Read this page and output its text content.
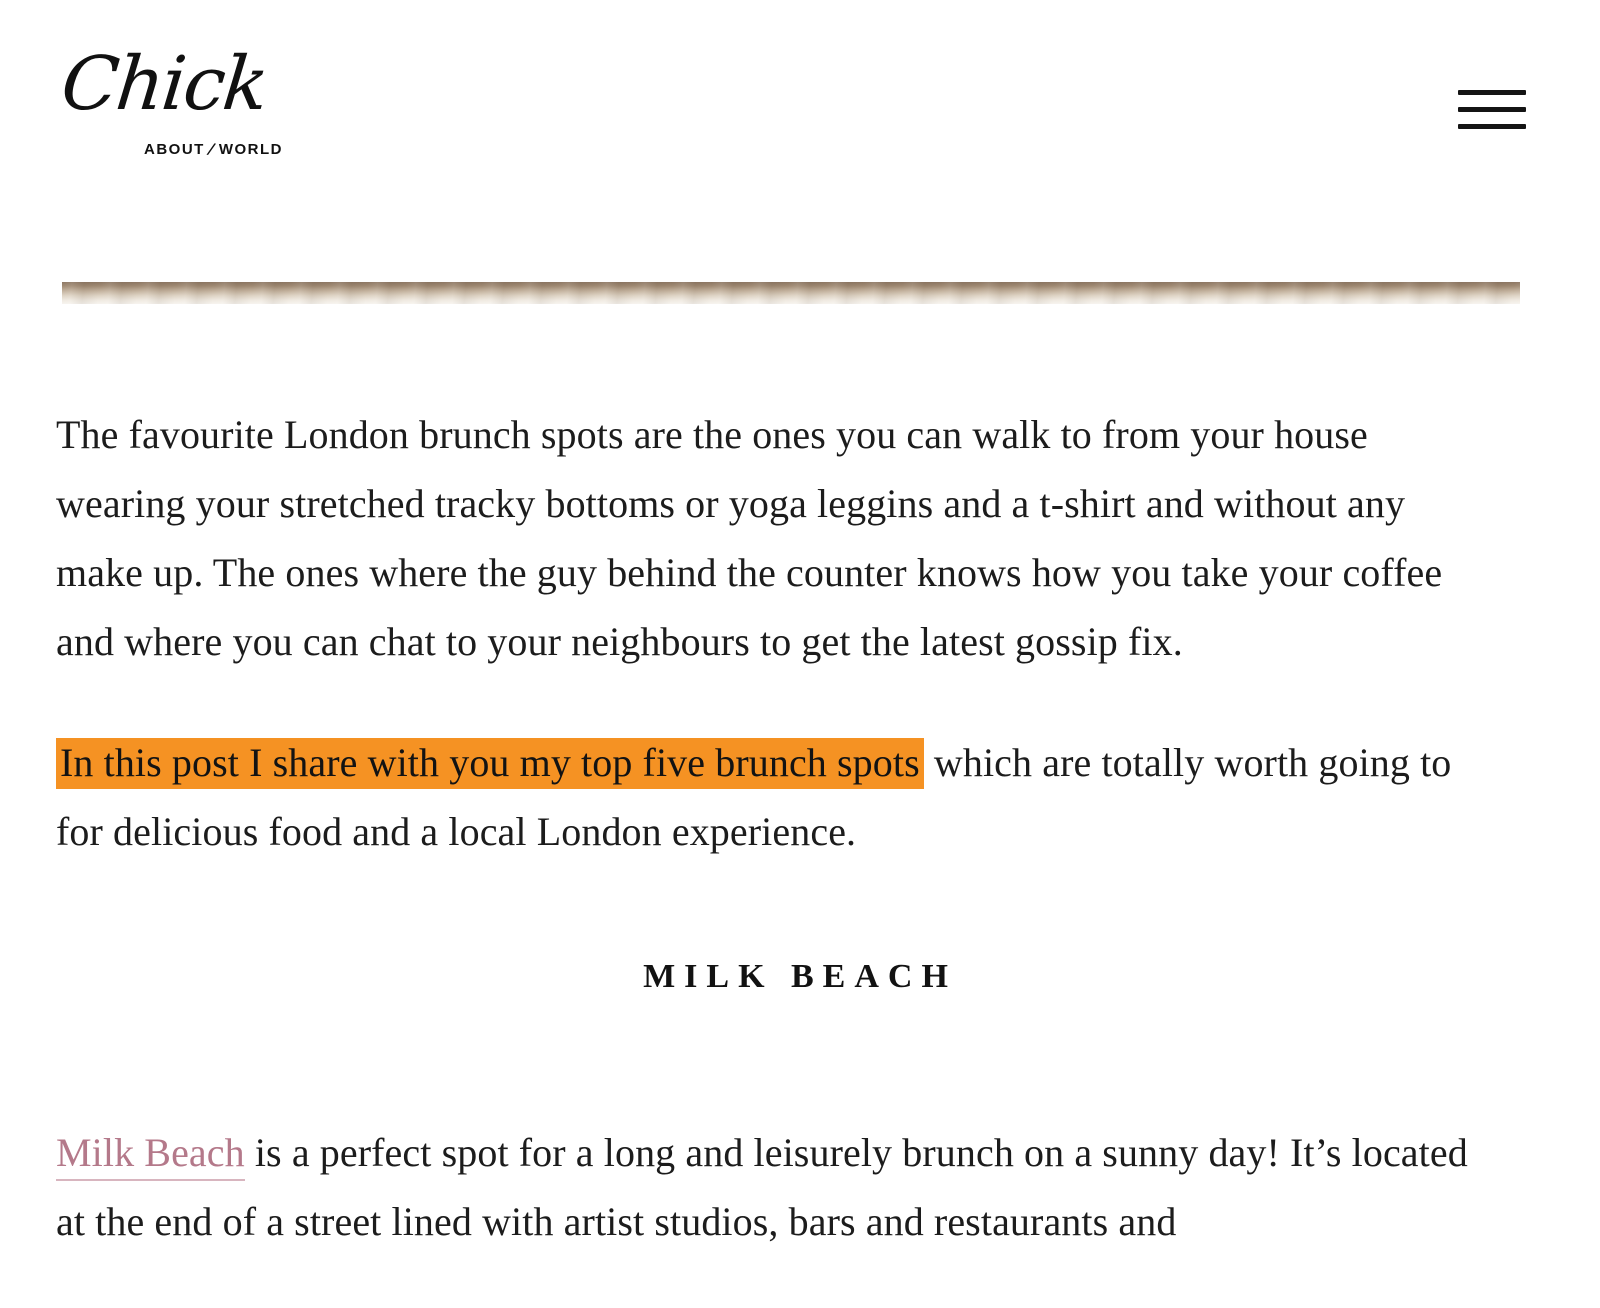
Chick
ABOUT / WORLD

The favourite London brunch spots are the ones you can walk to from your house wearing your stretched tracky bottoms or yoga leggins and a t-shirt and without any make up. The ones where the guy behind the counter knows how you take your coffee and where you can chat to your neighbours to get the latest gossip fix.

In this post I share with you my top five brunch spots which are totally worth going to for delicious food and a local London experience.

MILK BEACH

Milk Beach is a perfect spot for a long and leisurely brunch on a sunny day! It’s located at the end of a street lined with artist studios, bars and restaurants and
